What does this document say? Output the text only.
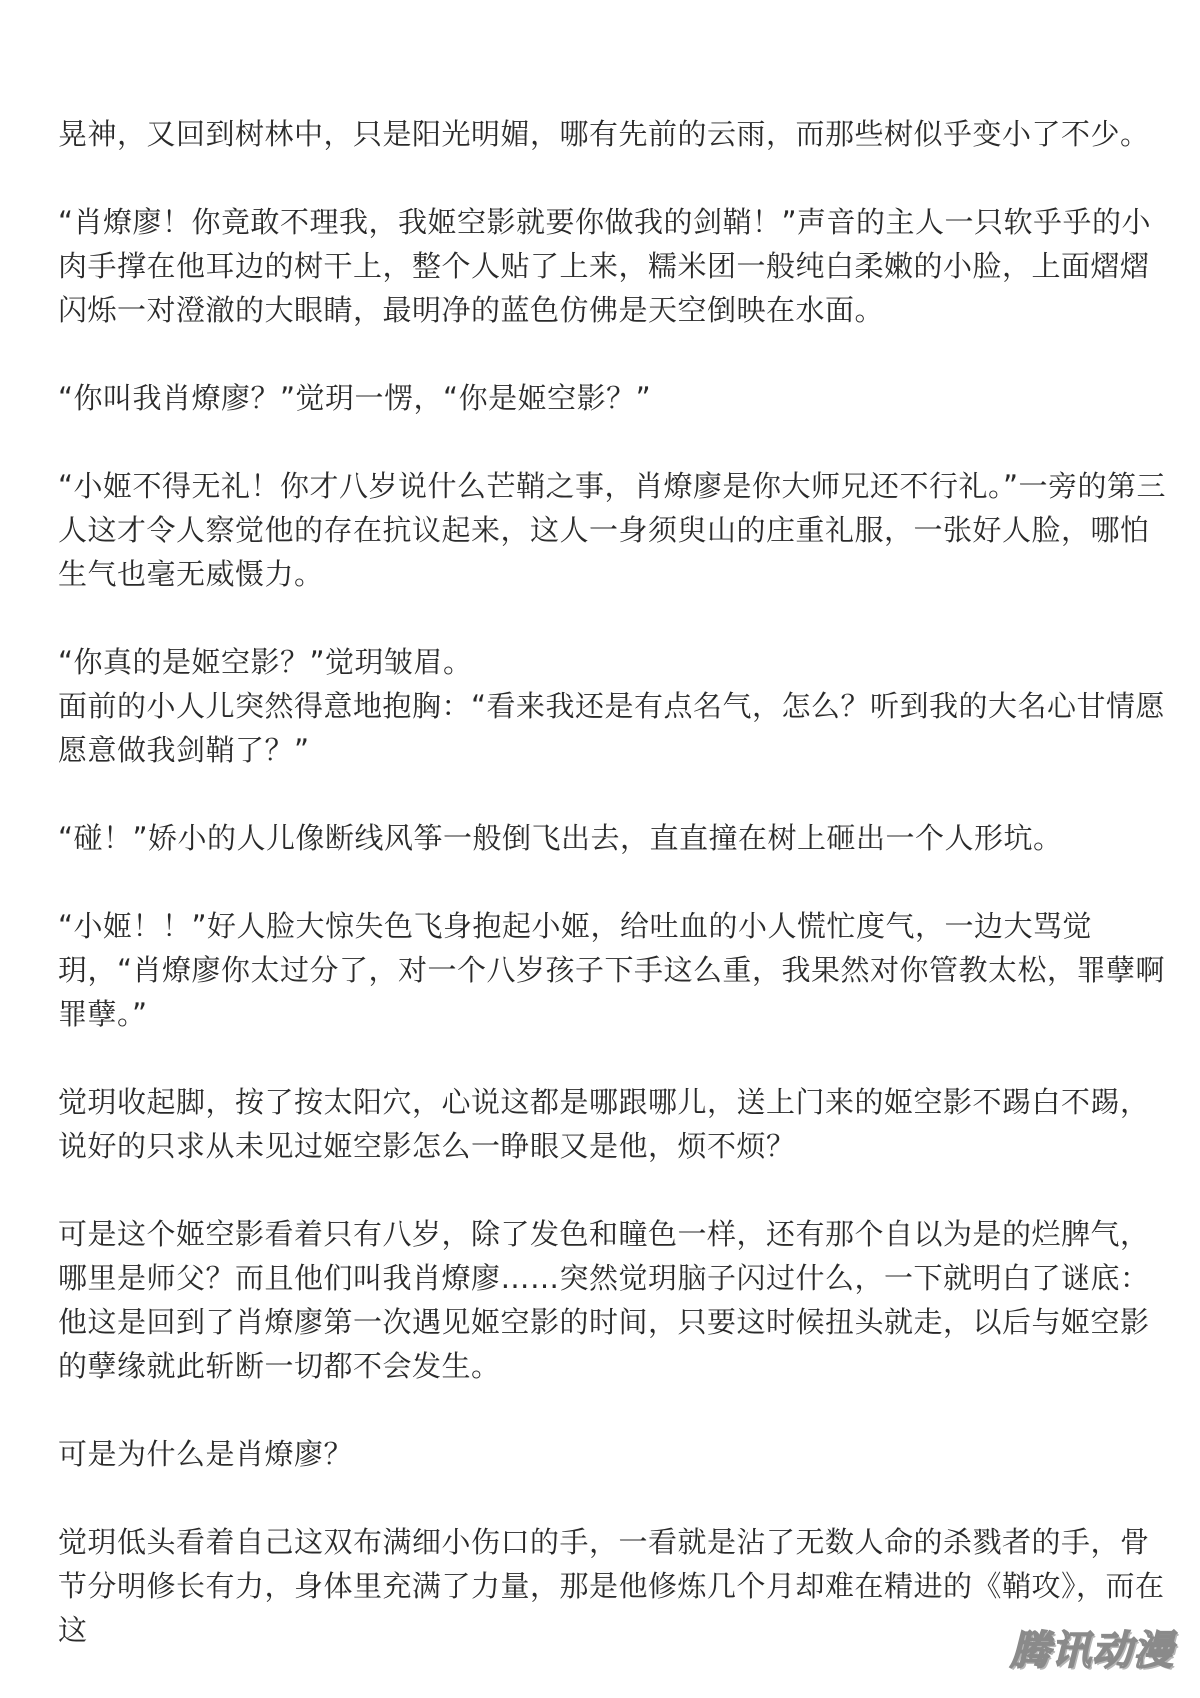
晃神，又回到树林中，只是阳光明媚，哪有先前的云雨，而那些树似乎变小了不少。

“肖燎廖！你竟敢不理我，我姬空影就要你做我的剑鞘！”声音的主人一只软乎乎的小肉手撑在他耳边的树干上，整个人贴了上来，糯米团一般纯白柔嫩的小脸，上面熠熠闪烁一对澄澈的大眼睛，最明净的蓝色仿佛是天空倒映在水面。

“你叫我肖燎廖？”觉玥一愣，“你是姬空影？”

“小姬不得无礼！你才八岁说什么芒鞘之事，肖燎廖是你大师兄还不行礼。”一旁的第三人这才令人察觉他的存在抗议起来，这人一身须臾山的庄重礼服，一张好人脸，哪怕生气也毫无威慑力。

“你真的是姬空影？”觉玥皱眉。

面前的小人儿突然得意地抱胸：“看来我还是有点名气，怎么？听到我的大名心甘情愿愿意做我剑鞘了？”

“碰！”娇小的人儿像断线风筝一般倒飞出去，直直撞在树上砸出一个人形坑。

“小姬！！”好人脸大惊失色飞身抱起小姬，给吐血的小人慌忙度气，一边大骂觉玥，“肖燎廖你太过分了，对一个八岁孩子下手这么重，我果然对你管教太松，罪孽啊罪孽。”

觉玥收起脚，按了按太阳穴，心说这都是哪跟哪儿，送上门来的姬空影不踢白不踢，说好的只求从未见过姬空影怎么一睁眼又是他，烦不烦？

可是这个姬空影看着只有八岁，除了发色和瞳色一样，还有那个自以为是的烂脾气，哪里是师父？而且他们叫我肖燎廖……突然觉玥脑子闪过什么，一下就明白了谜底：

他这是回到了肖燎廖第一次遇见姬空影的时间，只要这时候扭头就走，以后与姬空影的孽缘就此斩断一切都不会发生。

可是为什么是肖燎廖？

觉玥低头看着自己这双布满细小伤口的手，一看就是沾了无数人命的杀戮者的手，骨节分明修长有力，身体里充满了力量，那是他修炼几个月却难在精进的《鞘攻》，而在这	腾讯动漫
